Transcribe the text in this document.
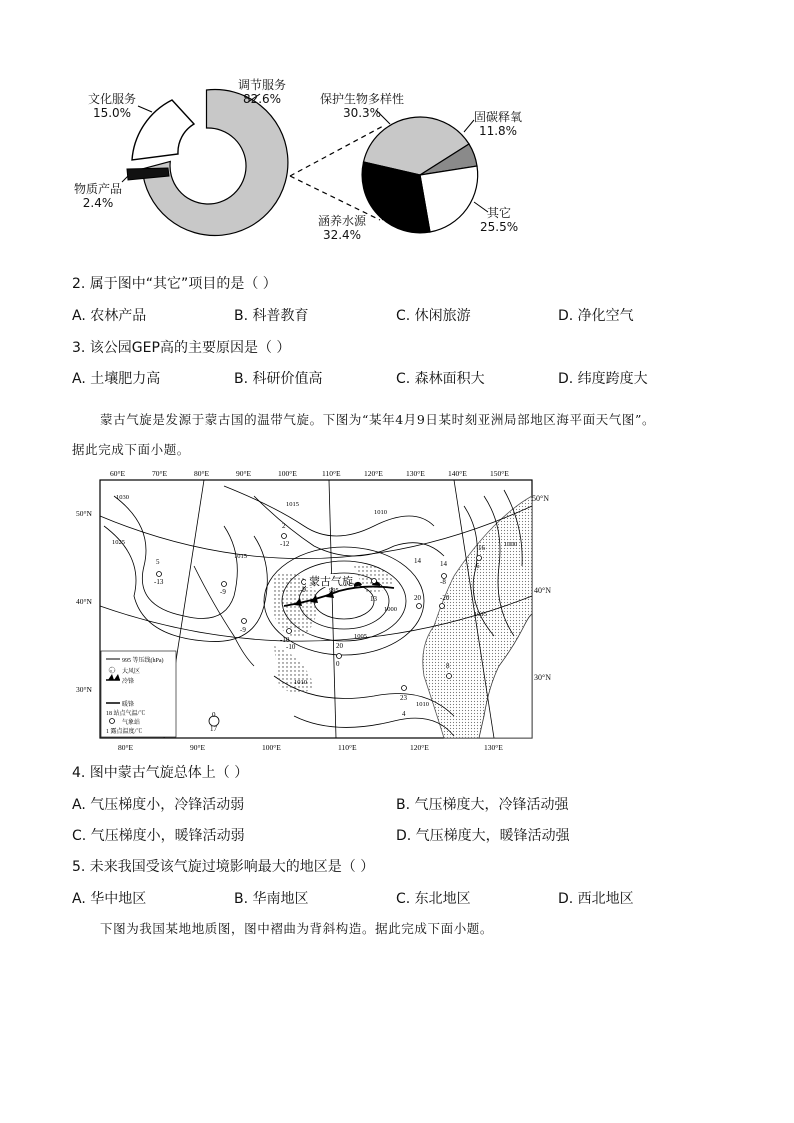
调节服务
82.6%
文化服务
15.0%
物质产品
2.4%
保护生物多样性
30.3%	固碳释氧
11.8%
其它
25.5%
涵养水源
32.4%
2. 属于图中“其它”项目的是（ ）
A. 农林产品	B. 科普教育	C. 休闲旅游	D. 净化空气
3. 该公园GEP高的主要原因是（ ）
A. 土壤肥力高	B. 科研价值高	C. 森林面积大	D. 纬度跨度大
蒙古气旋是发源于蒙古国的温带气旋。下图为“某年4月9日某时刻亚洲局部地区海平面天气图”。
据此完成下面小题。
蒙古气旋
995 等压线(hPa)
大风区
冷锋
暖锋
18 站点气温/℃
气象站
1 露点温度/℃
1030
1025
1015
1010
1005
1000
1010
1015
995
1015
1010
1000
5
-13
2
-12
-9
-9
14
6
14
-8
16
20	-20
20
-10
23
4
8
0
-9
17
0
-10
13
60°E	70°E	80°E	90°E	100°E	110°E	120°E	130°E	140°E	150°E
80°E	90°E	100°E	110°E	120°E	130°E
50°N
40°N
30°N
50°N
40°N
30°N
4. 图中蒙古气旋总体上（ ）
A. 气压梯度小，冷锋活动弱	B. 气压梯度大，冷锋活动强
C. 气压梯度小，暖锋活动弱	D. 气压梯度大，暖锋活动强
5. 未来我国受该气旋过境影响最大的地区是（ ）
A. 华中地区	B. 华南地区	C. 东北地区	D. 西北地区
下图为我国某地地质图，图中褶曲为背斜构造。据此完成下面小题。
